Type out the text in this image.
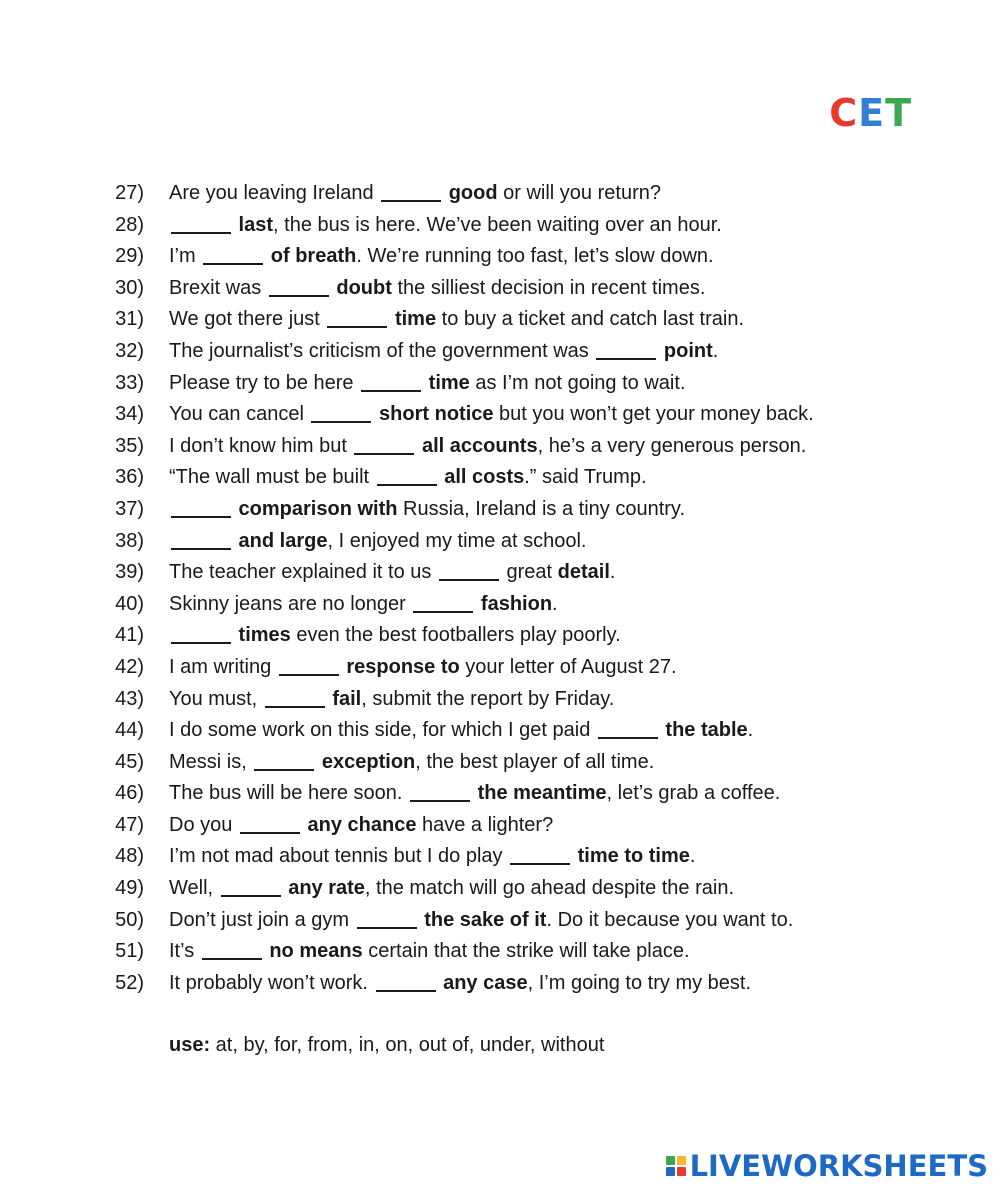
CET
27) Are you leaving Ireland	good or will you return?
28)	last, the bus is here. We’ve been waiting over an hour.
29) I’m	of breath. We’re running too fast, let’s slow down.
30) Brexit was	doubt the silliest decision in recent times.
31) We got there just	time to buy a ticket and catch last train.
32) The journalist’s criticism of the government was	point.
33) Please try to be here	time as I’m not going to wait.
34) You can cancel	short notice but you won’t get your money back.
35) I don’t know him but	all accounts, he’s a very generous person.
36) “The wall must be built	all costs.” said Trump.
37)	comparison with Russia, Ireland is a tiny country.
38)	and large, I enjoyed my time at school.
39) The teacher explained it to us	great detail.
40) Skinny jeans are no longer	fashion.
41)	times even the best footballers play poorly.
42) I am writing	response to your letter of August 27.
43) You must,	fail, submit the report by Friday.
44) I do some work on this side, for which I get paid	the table.
45) Messi is,	exception, the best player of all time.
46) The bus will be here soon.	the meantime, let’s grab a coffee.
47) Do you	any chance have a lighter?
48) I’m not mad about tennis but I do play	time to time.
49) Well,	any rate, the match will go ahead despite the rain.
50) Don’t just join a gym	the sake of it. Do it because you want to.
51) It’s	no means certain that the strike will take place.
52) It probably won’t work.	any case, I’m going to try my best.
use: at, by, for, from, in, on, out of, under, without
LIVEWORKSHEETS
